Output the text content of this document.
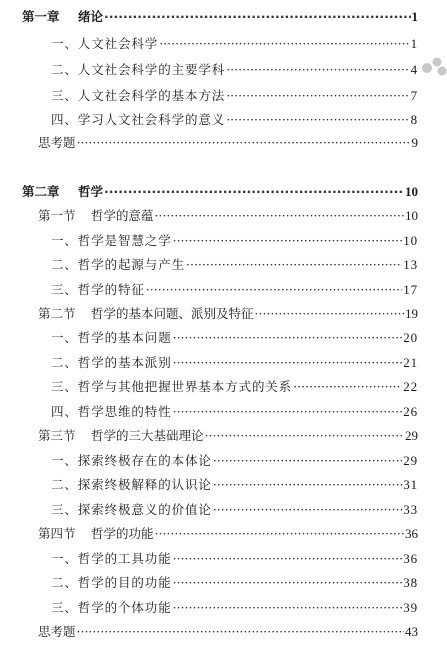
第一章 绪论 ·····	1
一、人文社会科学 ·····	1
二、人文社会科学的主要学科 ·····	4
三、人文社会科学的基本方法 ·····	7
四、学习人文社会科学的意义 ·····	8
思考题 ·····	9
第二章 哲学 ·····	10
第一节 哲学的意蕴 ·····	10
一、哲学是智慧之学 ·····	10
二、哲学的起源与产生 ·····	13
三、哲学的特征 ·····	17
第二节 哲学的基本问题、派别及特征 ·····	19
一、哲学的基本问题 ·····	20
二、哲学的基本派别 ·····	21
三、哲学与其他把握世界基本方式的关系 ·····	22
四、哲学思维的特性 ·····	26
第三节 哲学的三大基础理论 ·····	29
一、探索终极存在的本体论 ·····	29
二、探索终极解释的认识论 ·····	31
三、探索终极意义的价值论 ·····	33
第四节 哲学的功能 ·····	36
一、哲学的工具功能 ·····	36
二、哲学的目的功能 ·····	38
三、哲学的个体功能 ·····	39
思考题 ·····	43
